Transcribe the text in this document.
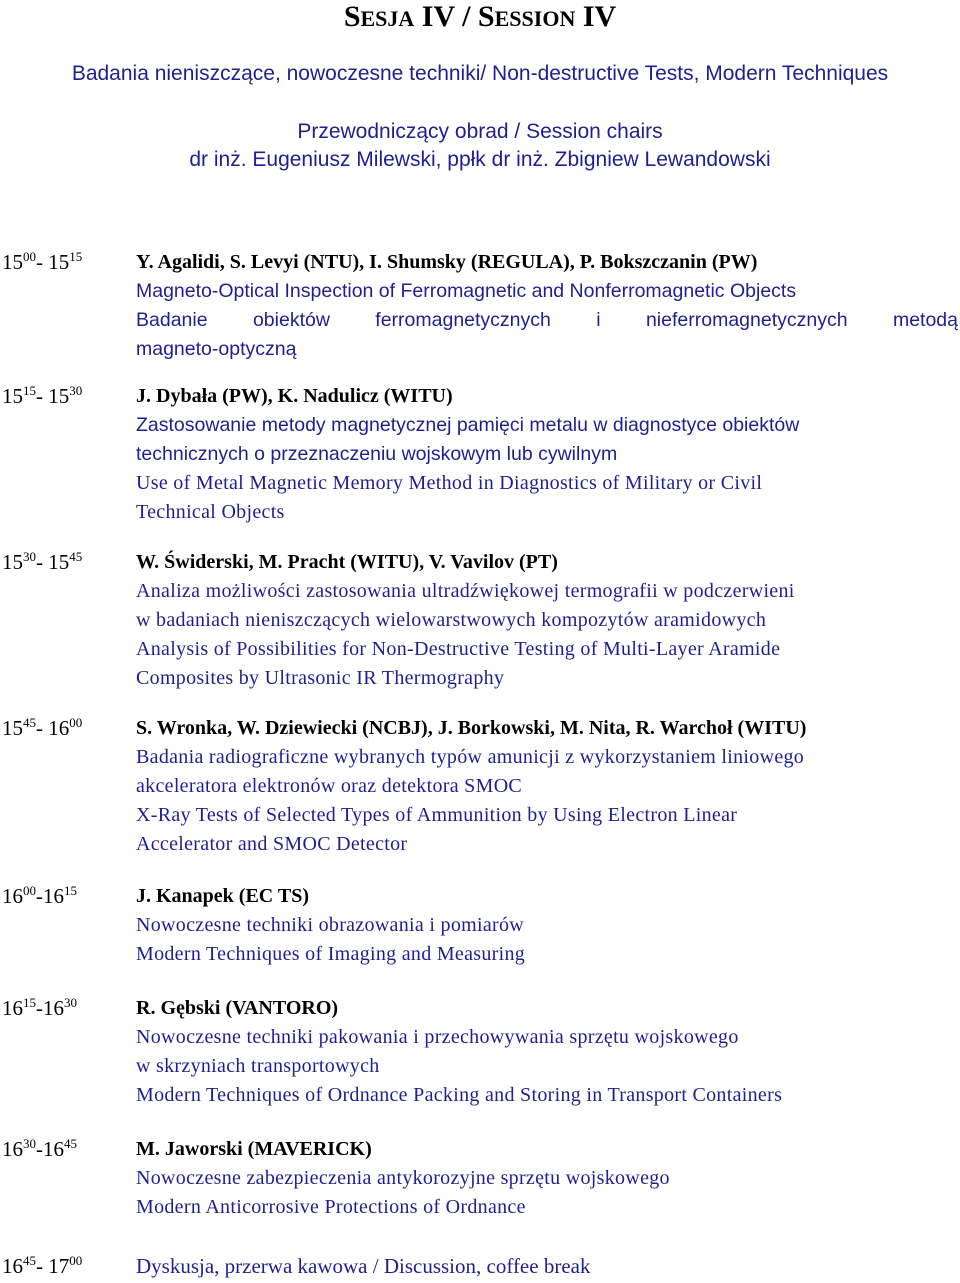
SESJA IV / SESSION IV
Badania nieniszczące, nowoczesne techniki/ Non-destructive Tests, Modern Techniques
Przewodniczący obrad / Session chairs
dr inż. Eugeniusz Milewski, ppłk dr inż. Zbigniew Lewandowski
$15^{00}-$ $15^{15}$	Y. Agalidi, S. Levyi (NTU), I. Shumsky (REGULA), P. Bokszczanin (PW)
Magneto-Optical Inspection of Ferromagnetic and Nonferromagnetic Objects
Badanie obiektów ferromagnetycznych i nieferromagnetycznych metodą
magneto-optyczną
$15^{15}-$ $15^{30}$	J. Dybała (PW), K. Nadulicz (WITU)
Zastosowanie metody magnetycznej pamięci metalu w diagnostyce obiektów
technicznych o przeznaczeniu wojskowym lub cywilnym
Use of Metal Magnetic Memory Method in Diagnostics of Military or Civil
Technical Objects
$15^{30}-$ $15^{45}$	W. Świderski, M. Pracht (WITU), V. Vavilov (PT)
Analiza możliwości zastosowania ultradźwiękowej termografii w podczerwieni
w badaniach nieniszczących wielowarstwowych kompozytów aramidowych
Analysis of Possibilities for Non-Destructive Testing of Multi-Layer Aramide
Composites by Ultrasonic IR Thermography
$15^{45}-$ $16^{00}$	S. Wronka, W. Dziewiecki (NCBJ), J. Borkowski, M. Nita, R. Warchoł (WITU)
Badania radiograficzne wybranych typów amunicji z wykorzystaniem liniowego
akceleratora elektronów oraz detektora SMOC
X-Ray Tests of Selected Types of Ammunition by Using Electron Linear
Accelerator and SMOC Detector
$16^{00}-16^{15}$	J. Kanapek (EC TS)
Nowoczesne techniki obrazowania i pomiarów
Modern Techniques of Imaging and Measuring
$16^{15}-16^{30}$	R. Gębski (VANTORO)
Nowoczesne techniki pakowania i przechowywania sprzętu wojskowego
w skrzyniach transportowych
Modern Techniques of Ordnance Packing and Storing in Transport Containers
$16^{30}-16^{45}$	M. Jaworski (MAVERICK)
Nowoczesne zabezpieczenia antykorozyjne sprzętu wojskowego
Modern Anticorrosive Protections of Ordnance
$16^{45}-$ $17^{00}$	Dyskusja, przerwa kawowa / Discussion, coffee break
